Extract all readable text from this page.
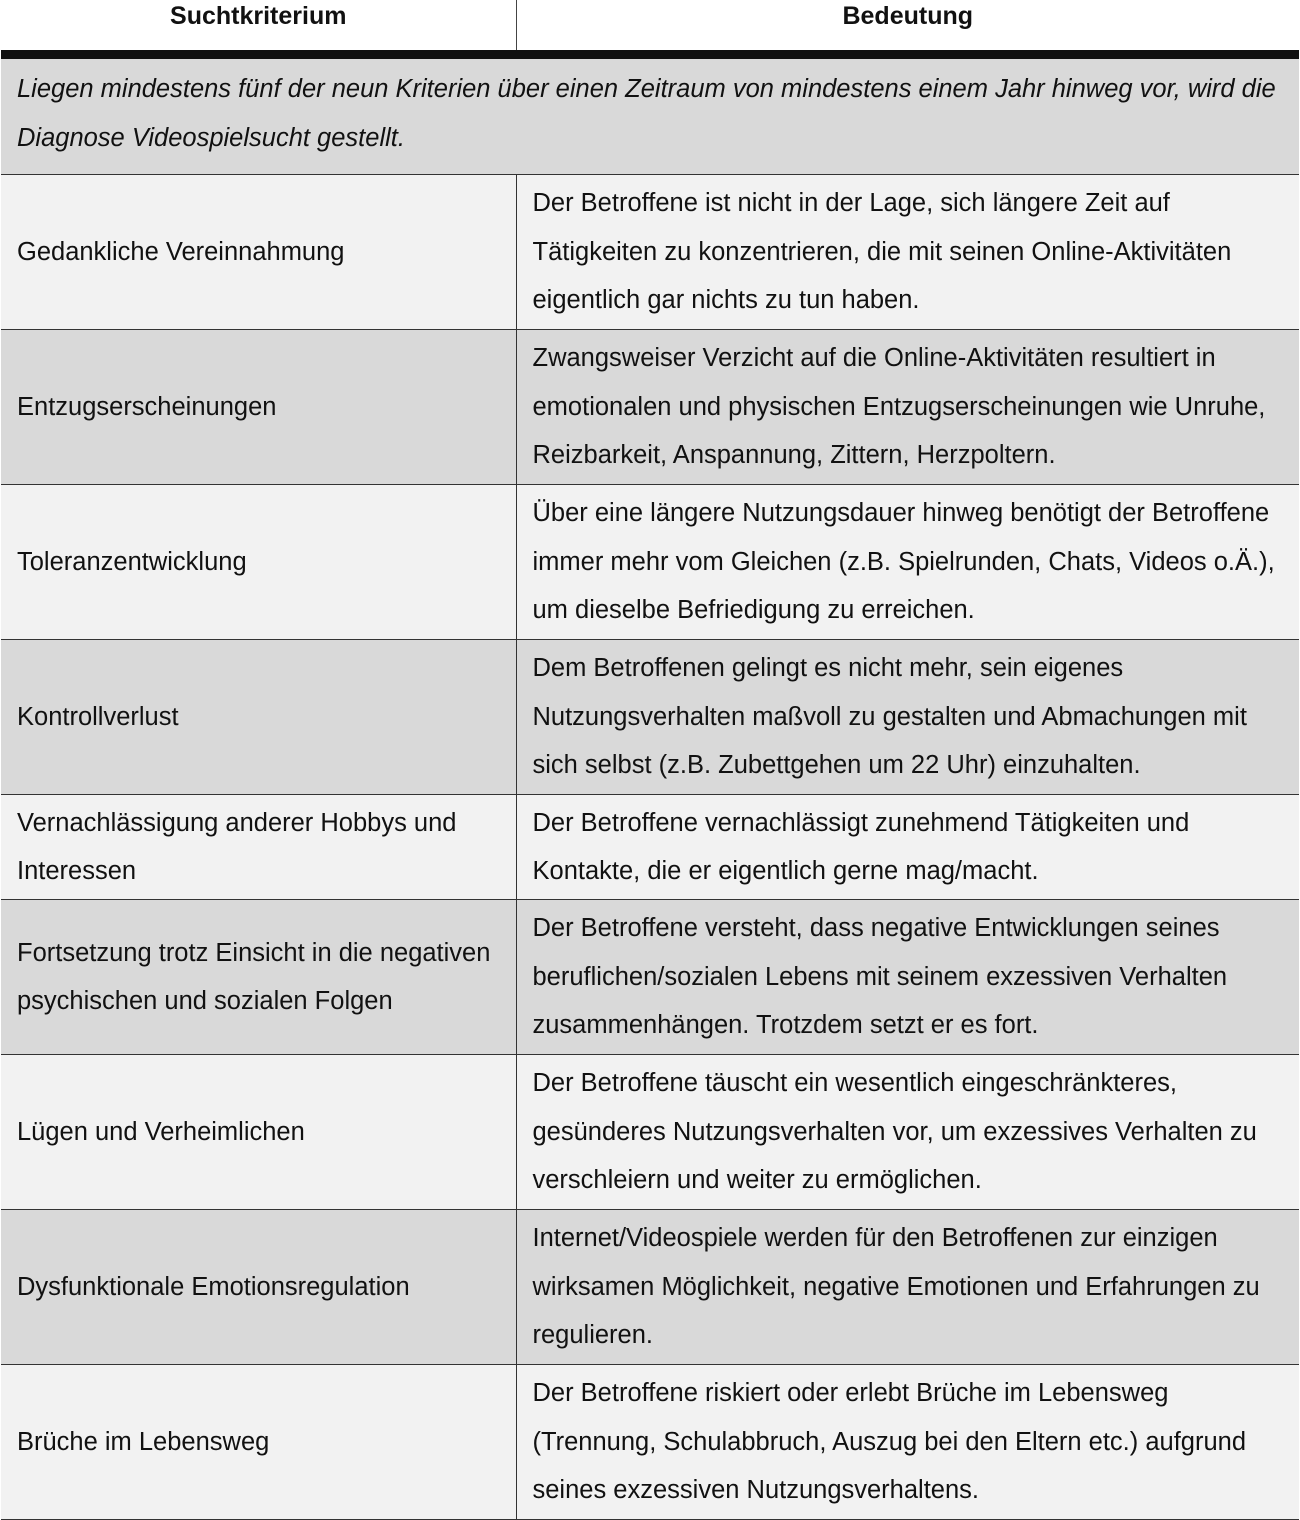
Suchtkriterium	Bedeutung
Liegen mindestens fünf der neun Kriterien über einen Zeitraum von mindestens einem Jahr hinweg vor, wird die Diagnose Videospielsucht gestellt.	
Gedankliche Vereinnahmung	Der Betroffene ist nicht in der Lage, sich längere Zeit auf Tätigkeiten zu konzentrieren, die mit seinen Online-Aktivitäten eigentlich gar nichts zu tun haben.
Entzugserscheinungen	Zwangsweiser Verzicht auf die Online-Aktivitäten resultiert in emotionalen und physischen Entzugserscheinungen wie Unruhe, Reizbarkeit, Anspannung, Zittern, Herzpoltern.
Toleranzentwicklung	Über eine längere Nutzungsdauer hinweg benötigt der Betroffene immer mehr vom Gleichen (z.B. Spielrunden, Chats, Videos o.Ä.), um dieselbe Befriedigung zu erreichen.
Kontrollverlust	Dem Betroffenen gelingt es nicht mehr, sein eigenes Nutzungsverhalten maßvoll zu gestalten und Abmachungen mit sich selbst (z.B. Zubettgehen um 22 Uhr) einzuhalten.
Vernachlässigung anderer Hobbys und Interessen	Der Betroffene vernachlässigt zunehmend Tätigkeiten und Kontakte, die er eigentlich gerne mag/macht.
Fortsetzung trotz Einsicht in die negativen psychischen und sozialen Folgen	Der Betroffene versteht, dass negative Entwicklungen seines beruflichen/sozialen Lebens mit seinem exzessiven Verhalten zusammenhängen. Trotzdem setzt er es fort.
Lügen und Verheimlichen	Der Betroffene täuscht ein wesentlich eingeschränkteres, gesünderes Nutzungsverhalten vor, um exzessives Verhalten zu verschleiern und weiter zu ermöglichen.
Dysfunktionale Emotionsregulation	Internet/Videospiele werden für den Betroffenen zur einzigen wirksamen Möglichkeit, negative Emotionen und Erfahrungen zu regulieren.
Brüche im Lebensweg	Der Betroffene riskiert oder erlebt Brüche im Lebensweg (Trennung, Schulabbruch, Auszug bei den Eltern etc.) aufgrund seines exzessiven Nutzungsverhaltens.
